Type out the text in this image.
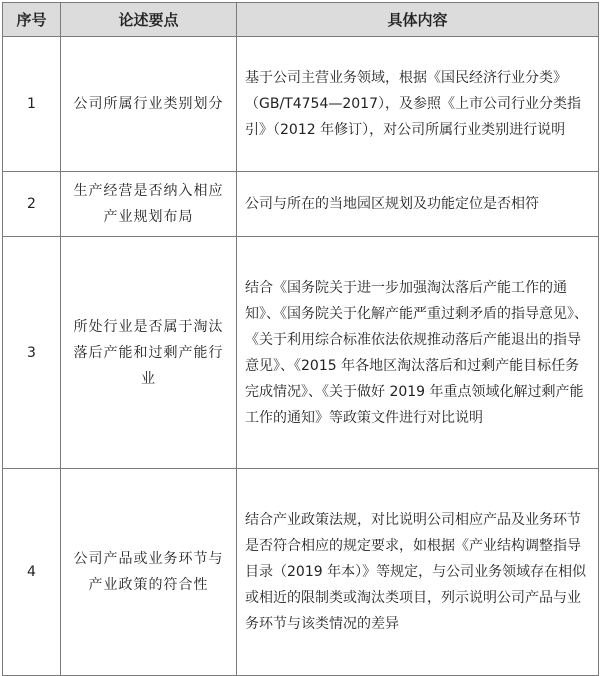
序号	论述要点	具体内容
1	公司所属行业类别划分	基于公司主营业务领域，根据《国民经济行业分类》（GB/T4754—2017），及参照《上市公司行业分类指引》（2012 年修订），对公司所属行业类别进行说明
2	生产经营是否纳入相应产业规划布局	公司与所在的当地园区规划及功能定位是否相符
3	所处行业是否属于淘汰落后产能和过剩产能行业	结合《国务院关于进一步加强淘汰落后产能工作的通知》、《国务院关于化解产能严重过剩矛盾的指导意见》、《关于利用综合标准依法依规推动落后产能退出的指导意见》、《2015 年各地区淘汰落后和过剩产能目标任务完成情况》、《关于做好 2019 年重点领域化解过剩产能工作的通知》等政策文件进行对比说明
4	公司产品或业务环节与产业政策的符合性	结合产业政策法规，对比说明公司相应产品及业务环节是否符合相应的规定要求，如根据《产业结构调整指导目录（2019 年本）》等规定，与公司业务领域存在相似或相近的限制类或淘汰类项目，列示说明公司产品与业务环节与该类情况的差异
